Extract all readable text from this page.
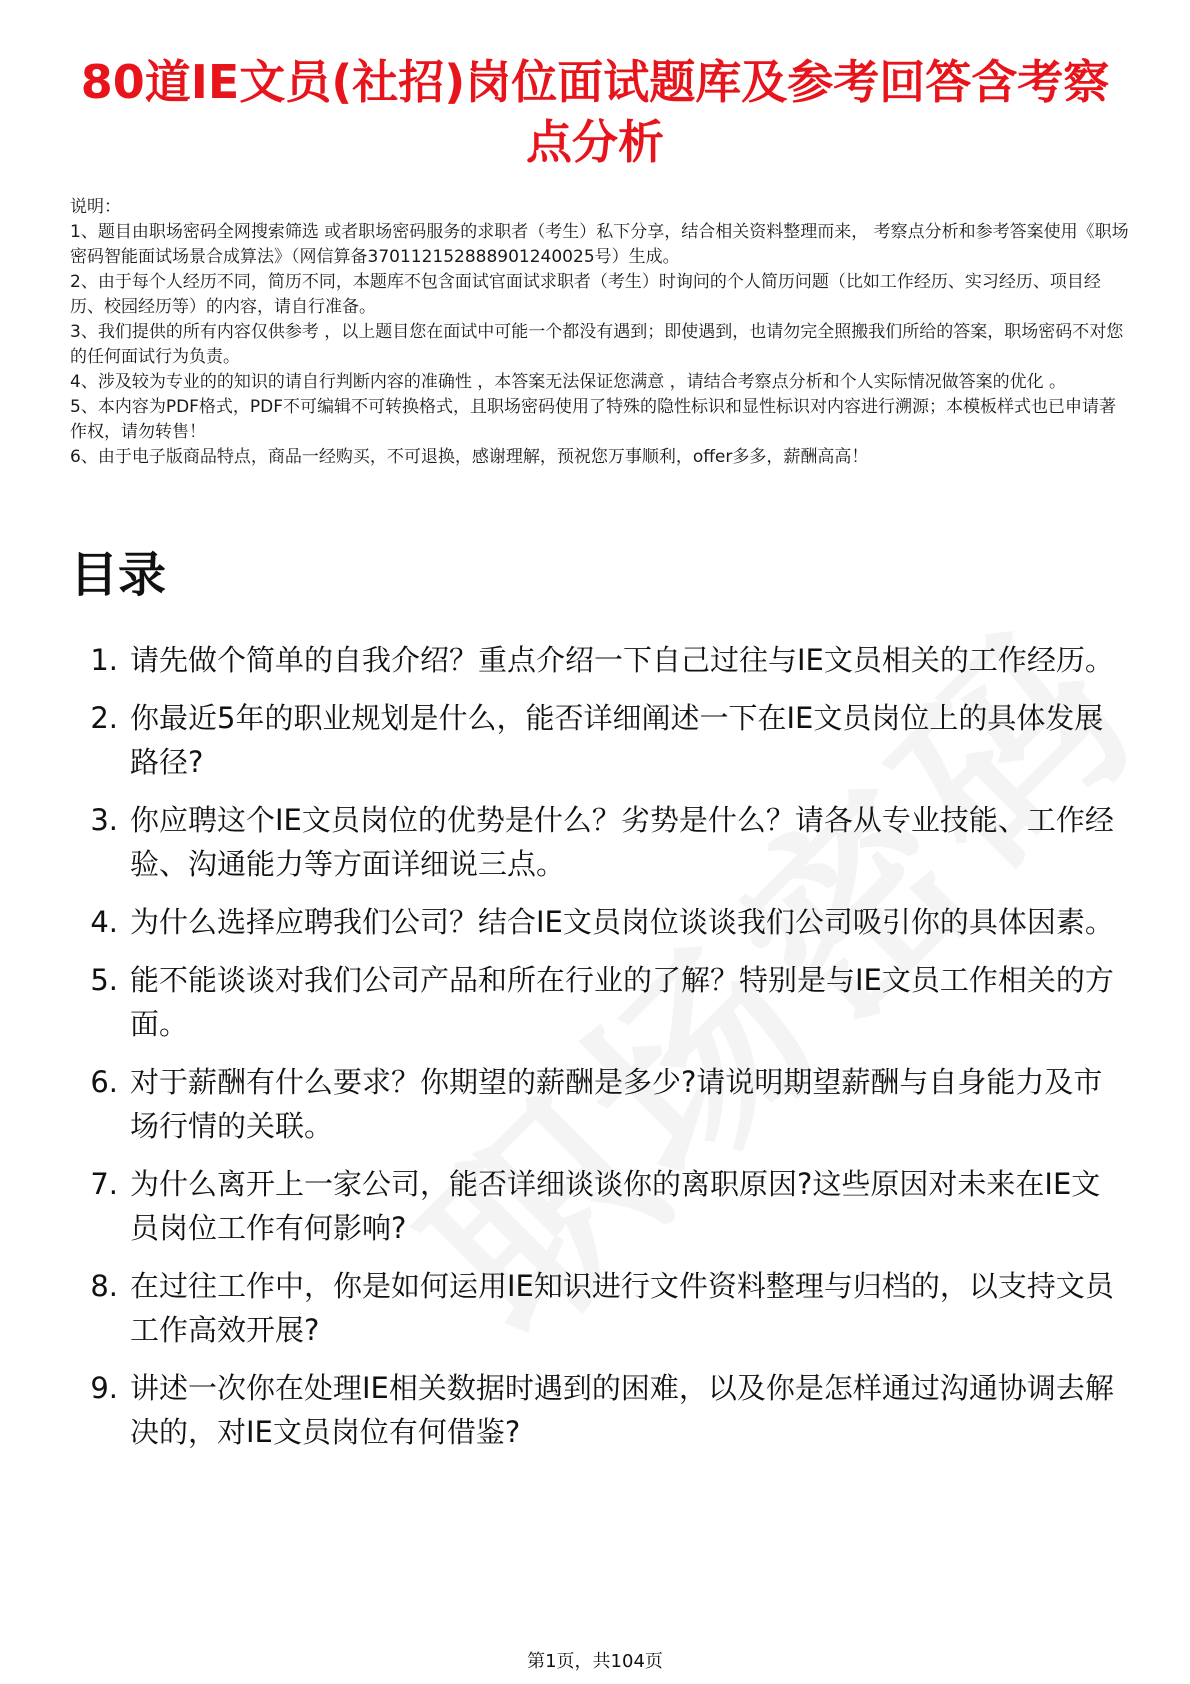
80道IE文员(社招)岗位面试题库及参考回答含考察点分析

说明：

1、题目由职场密码全网搜索筛选 或者职场密码服务的求职者（考生）私下分享，结合相关资料整理而来， 考察点分析和参考答案使用《职场密码智能面试场景合成算法》（网信算备370112152888901240025号）生成。

2、由于每个人经历不同，简历不同，本题库不包含面试官面试求职者（考生）时询问的个人简历问题（比如工作经历、实习经历、项目经历、校园经历等）的内容，请自行准备。

3、我们提供的所有内容仅供参考 ，以上题目您在面试中可能一个都没有遇到；即使遇到，也请勿完全照搬我们所给的答案，职场密码不对您的任何面试行为负责。

4、涉及较为专业的的知识的请自行判断内容的准确性 ，本答案无法保证您满意 ，请结合考察点分析和个人实际情况做答案的优化 。

5、本内容为PDF格式，PDF不可编辑不可转换格式，且职场密码使用了特殊的隐性标识和显性标识对内容进行溯源；本模板样式也已申请著作权，请勿转售！

6、由于电子版商品特点，商品一经购买，不可退换，感谢理解，预祝您万事顺利，offer多多，薪酬高高！

目录
1. 请先做个简单的自我介绍？重点介绍一下自己过往与IE文员相关的工作经历。
2. 你最近5年的职业规划是什么，能否详细阐述一下在IE文员岗位上的具体发展路径?
3. 你应聘这个IE文员岗位的优势是什么？劣势是什么？请各从专业技能、工作经验、沟通能力等方面详细说三点。
4. 为什么选择应聘我们公司？结合IE文员岗位谈谈我们公司吸引你的具体因素。
5. 能不能谈谈对我们公司产品和所在行业的了解？特别是与IE文员工作相关的方面。
6. 对于薪酬有什么要求？你期望的薪酬是多少?请说明期望薪酬与自身能力及市场行情的关联。
7. 为什么离开上一家公司，能否详细谈谈你的离职原因?这些原因对未来在IE文员岗位工作有何影响?
8. 在过往工作中，你是如何运用IE知识进行文件资料整理与归档的，以支持文员工作高效开展?
9. 讲述一次你在处理IE相关数据时遇到的困难，以及你是怎样通过沟通协调去解决的，对IE文员岗位有何借鉴?
第1页，共104页
